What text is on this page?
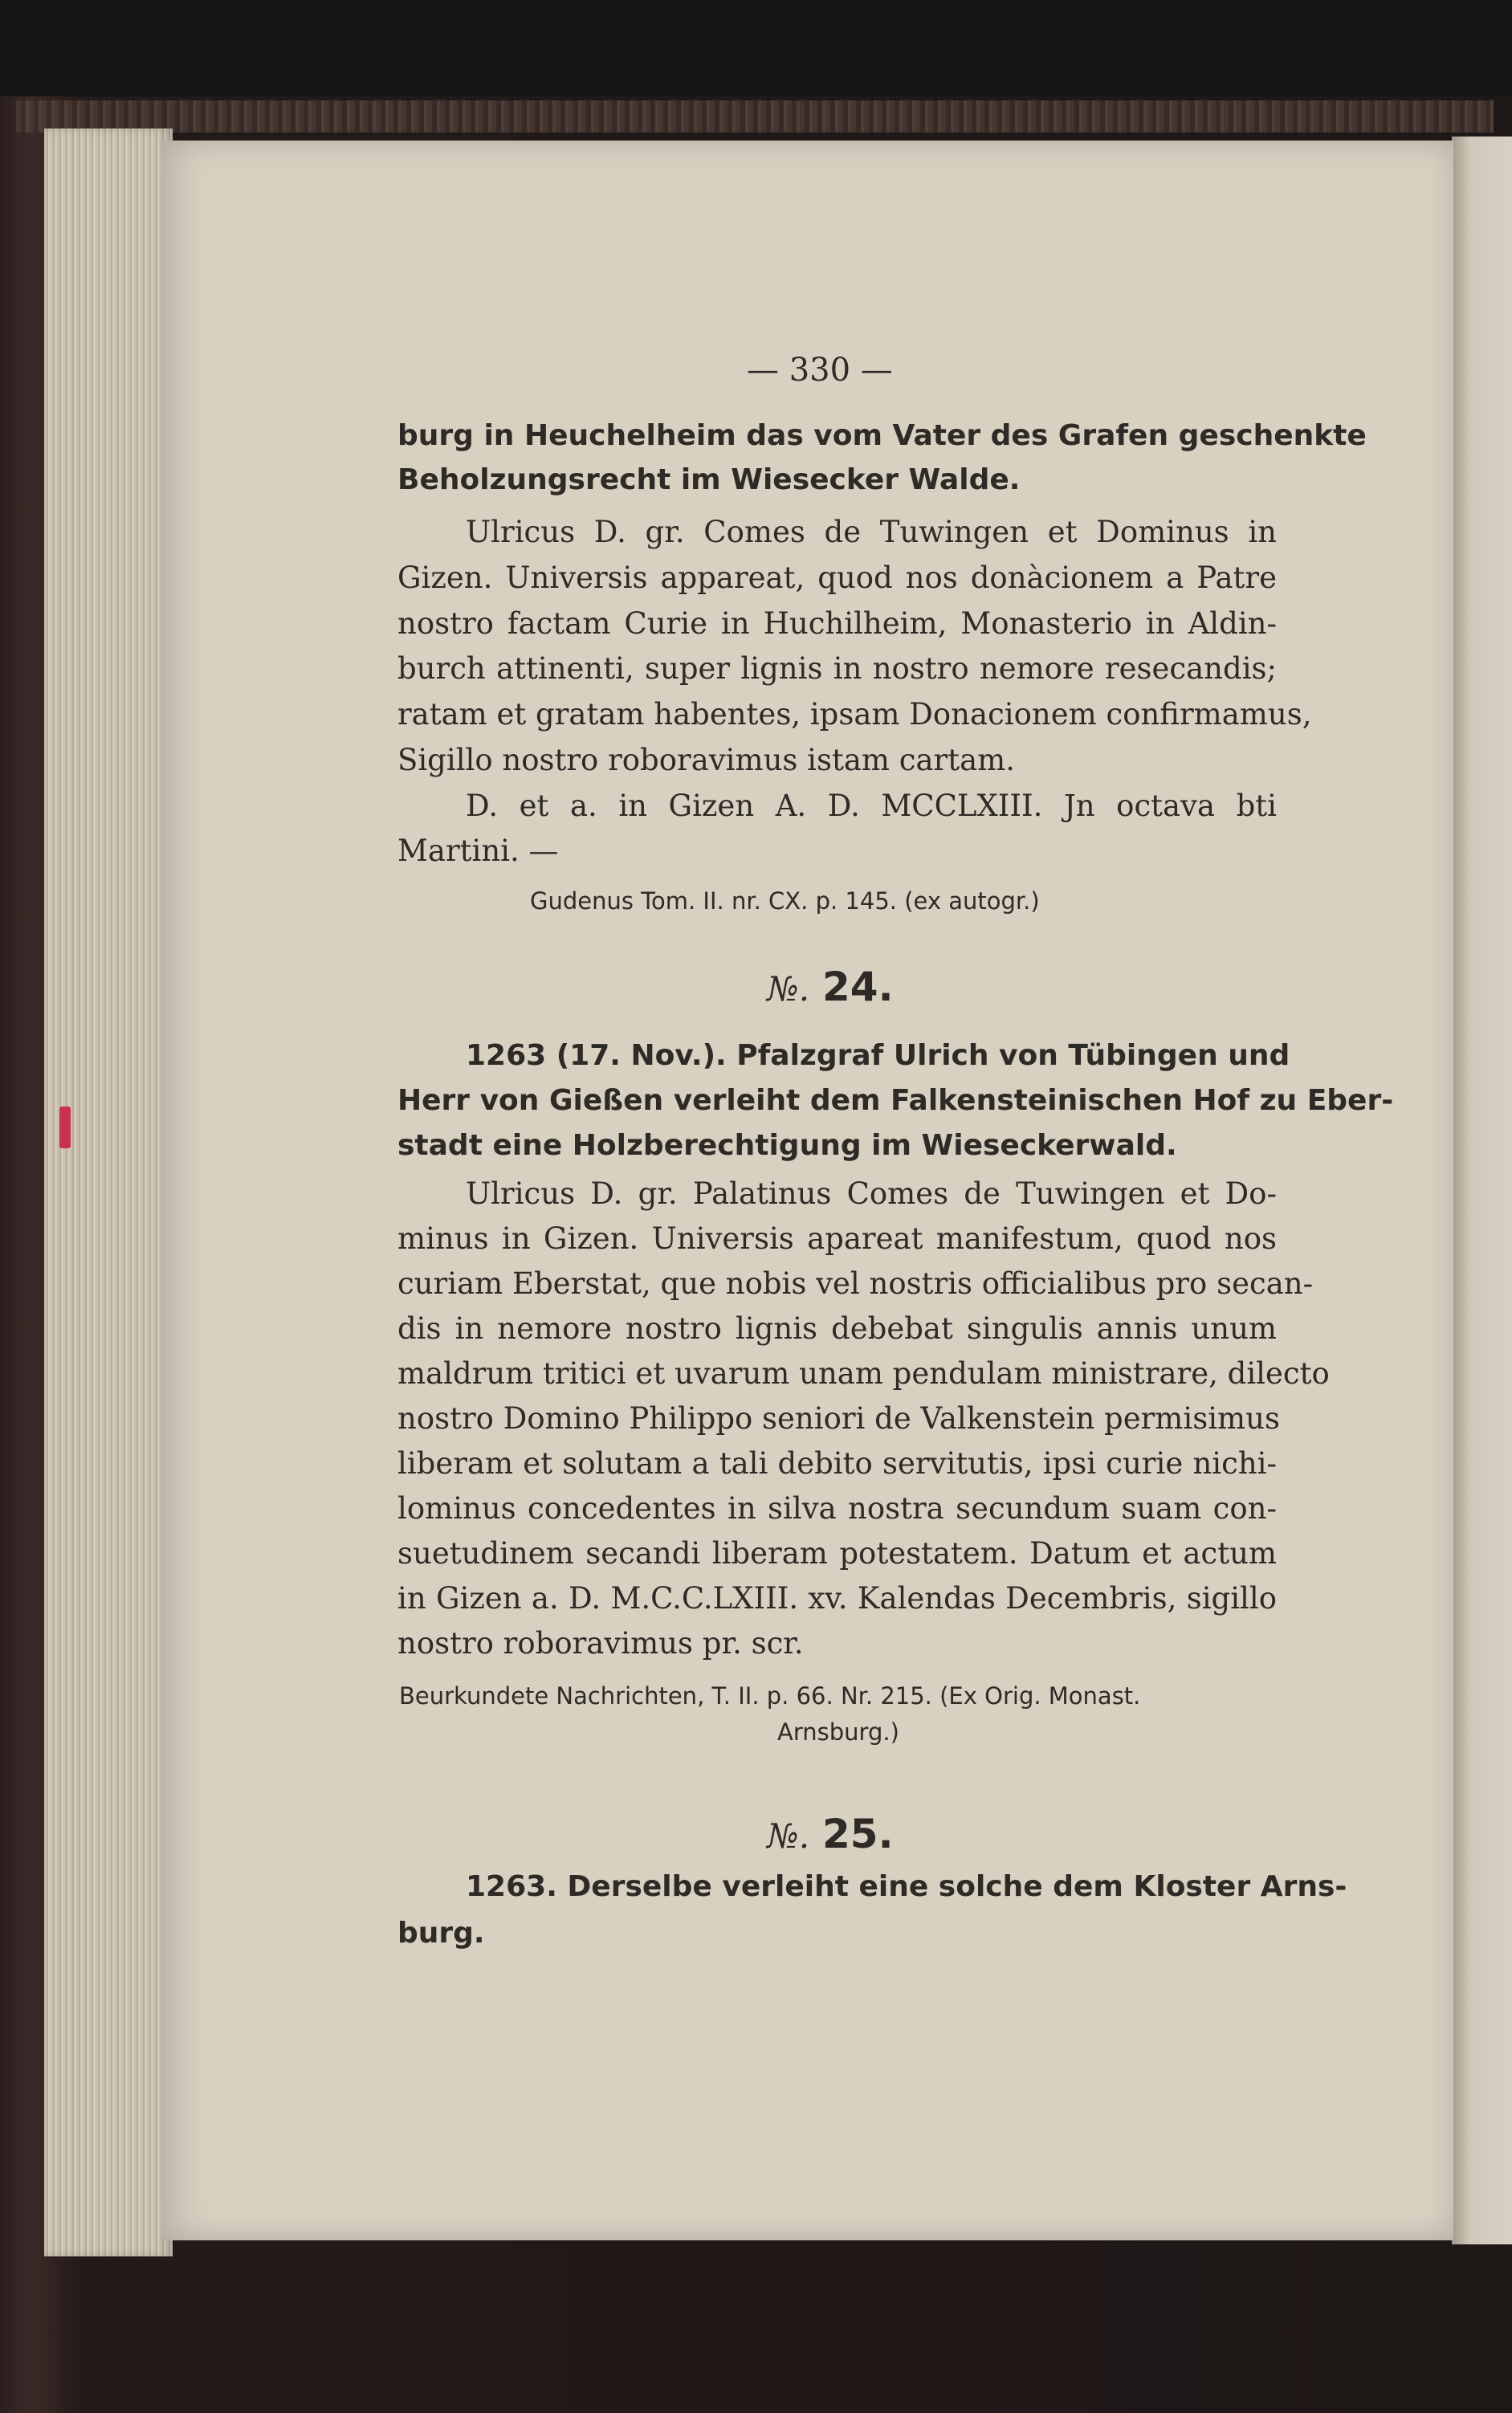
— 330 —
burg in Heuchelheim das vom Vater des Grafen geschenkte
Beholzungsrecht im Wiesecker Walde.
Ulricus D. gr. Comes de Tuwingen et Dominus in
Gizen. Universis appareat, quod nos donàcionem a Patre
nostro factam Curie in Huchilheim, Monasterio in Aldin-
burch attinenti, super lignis in nostro nemore resecandis;
ratam et gratam habentes, ipsam Donacionem confirmamus,
Sigillo nostro roboravimus istam cartam.
D. et a. in Gizen A. D. MCCLXIII. Jn octava bti
Martini. —
Gudenus Tom. II. nr. CX. p. 145. (ex autogr.)
№. 24.
1263 (17. Nov.). Pfalzgraf Ulrich von Tübingen und
Herr von Gießen verleiht dem Falkensteinischen Hof zu Eber-
stadt eine Holzberechtigung im Wieseckerwald.
Ulricus D. gr. Palatinus Comes de Tuwingen et Do-
minus in Gizen. Universis apareat manifestum, quod nos
curiam Eberstat, que nobis vel nostris officialibus pro secan-
dis in nemore nostro lignis debebat singulis annis unum
maldrum tritici et uvarum unam pendulam ministrare, dilecto
nostro Domino Philippo seniori de Valkenstein permisimus
liberam et solutam a tali debito servitutis, ipsi curie nichi-
lominus concedentes in silva nostra secundum suam con-
suetudinem secandi liberam potestatem. Datum et actum
in Gizen a. D. M.C.C.LXIII. xv. Kalendas Decembris, sigillo
nostro roboravimus pr. scr.
Beurkundete Nachrichten, T. II. p. 66. Nr. 215. (Ex Orig. Monast.
Arnsburg.)
№. 25.
1263. Derselbe verleiht eine solche dem Kloster Arns-
burg.
